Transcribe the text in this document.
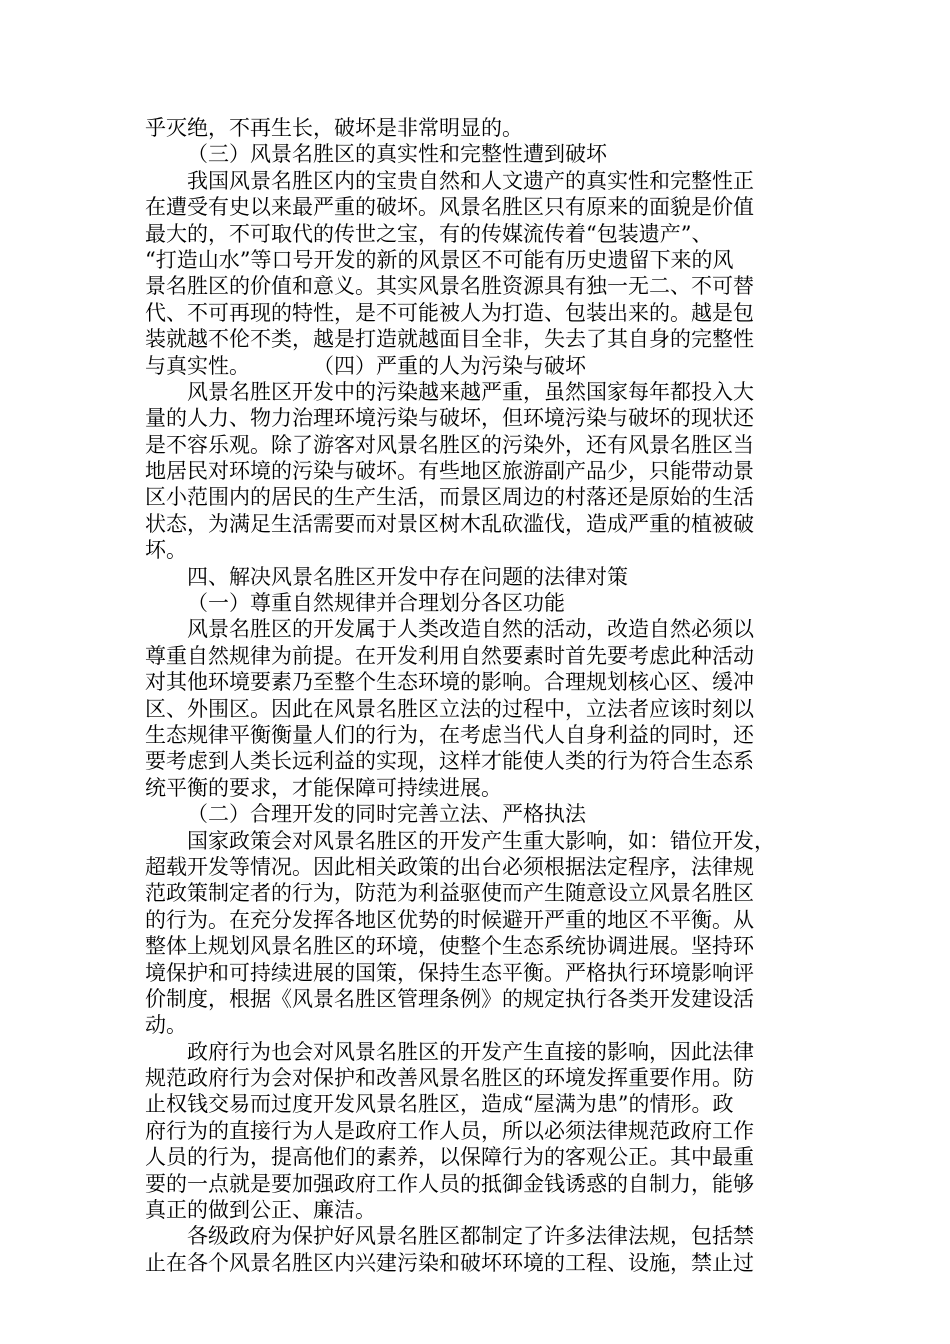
乎灭绝，不再生长，破坏是非常明显的。
（三）风景名胜区的真实性和完整性遭到破坏
我国风景名胜区内的宝贵自然和人文遗产的真实性和完整性正
在遭受有史以来最严重的破坏。风景名胜区只有原来的面貌是价值
最大的，不可取代的传世之宝，有的传媒流传着“包装遗产”、
“打造山水”等口号开发的新的风景区不可能有历史遗留下来的风
景名胜区的价值和意义。其实风景名胜资源具有独一无二、不可替
代、不可再现的特性，是不可能被人为打造、包装出来的。越是包
装就越不伦不类，越是打造就越面目全非，失去了其自身的完整性
与真实性。　　　　（四）严重的人为污染与破坏
风景名胜区开发中的污染越来越严重，虽然国家每年都投入大
量的人力、物力治理环境污染与破坏，但环境污染与破坏的现状还
是不容乐观。除了游客对风景名胜区的污染外，还有风景名胜区当
地居民对环境的污染与破坏。有些地区旅游副产品少，只能带动景
区小范围内的居民的生产生活，而景区周边的村落还是原始的生活
状态，为满足生活需要而对景区树木乱砍滥伐，造成严重的植被破
坏。
四、解决风景名胜区开发中存在问题的法律对策
（一）尊重自然规律并合理划分各区功能
风景名胜区的开发属于人类改造自然的活动，改造自然必须以
尊重自然规律为前提。在开发利用自然要素时首先要考虑此种活动
对其他环境要素乃至整个生态环境的影响。合理规划核心区、缓冲
区、外围区。因此在风景名胜区立法的过程中，立法者应该时刻以
生态规律平衡衡量人们的行为，在考虑当代人自身利益的同时，还
要考虑到人类长远利益的实现，这样才能使人类的行为符合生态系
统平衡的要求，才能保障可持续进展。
（二）合理开发的同时完善立法、严格执法
国家政策会对风景名胜区的开发产生重大影响，如：错位开发，
超载开发等情况。因此相关政策的出台必须根据法定程序，法律规
范政策制定者的行为，防范为利益驱使而产生随意设立风景名胜区
的行为。在充分发挥各地区优势的时候避开严重的地区不平衡。从
整体上规划风景名胜区的环境，使整个生态系统协调进展。坚持环
境保护和可持续进展的国策，保持生态平衡。严格执行环境影响评
价制度，根据《风景名胜区管理条例》的规定执行各类开发建设活
动。
政府行为也会对风景名胜区的开发产生直接的影响，因此法律
规范政府行为会对保护和改善风景名胜区的环境发挥重要作用。防
止权钱交易而过度开发风景名胜区，造成“屋满为患”的情形。政
府行为的直接行为人是政府工作人员，所以必须法律规范政府工作
人员的行为，提高他们的素养，以保障行为的客观公正。其中最重
要的一点就是要加强政府工作人员的抵御金钱诱惑的自制力，能够
真正的做到公正、廉洁。
各级政府为保护好风景名胜区都制定了许多法律法规，包括禁
止在各个风景名胜区内兴建污染和破坏环境的工程、设施，禁止过
